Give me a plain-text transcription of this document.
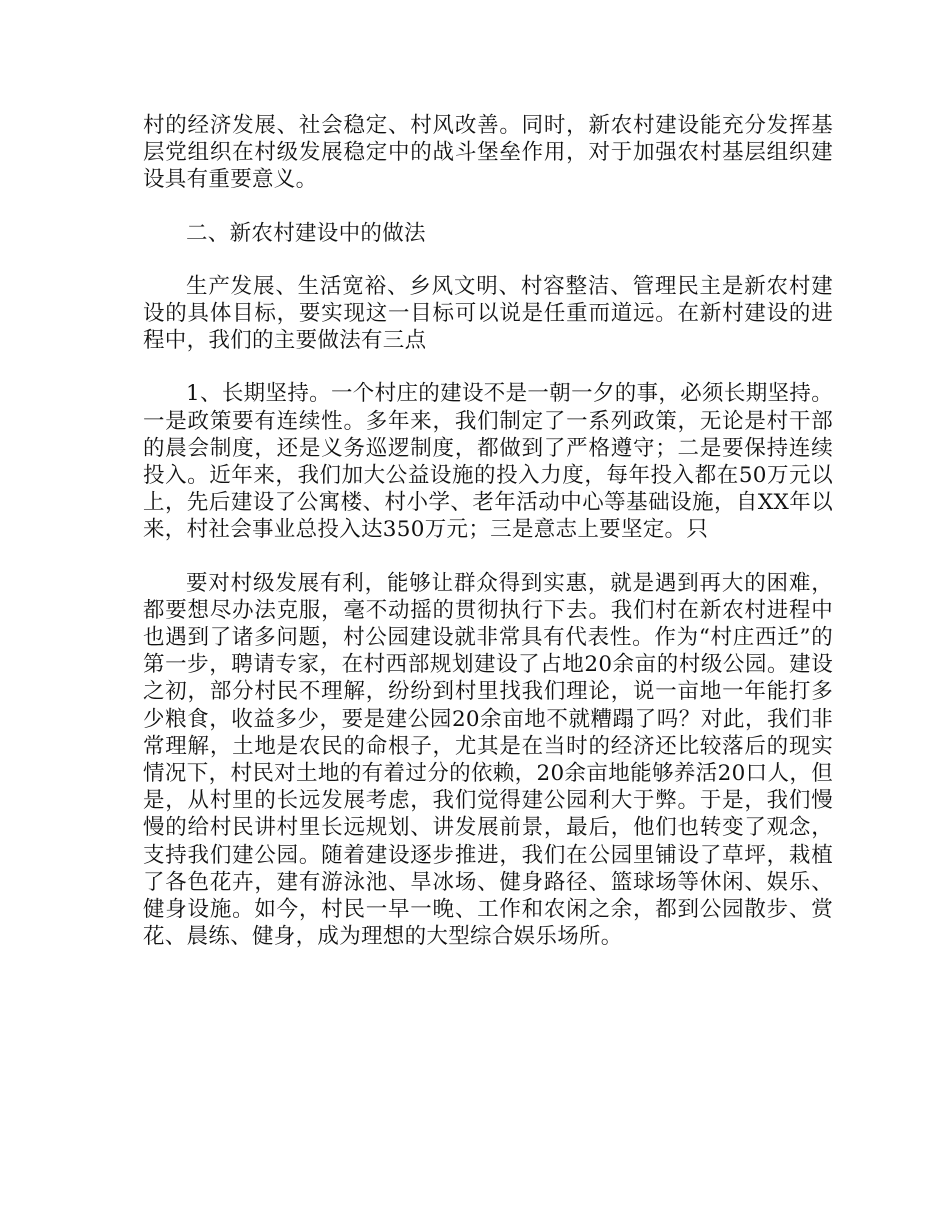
村的经济发展、社会稳定、村风改善。同时，新农村建设能充分发挥基层党组织在村级发展稳定中的战斗堡垒作用，对于加强农村基层组织建设具有重要意义。

二、新农村建设中的做法

生产发展、生活宽裕、乡风文明、村容整洁、管理民主是新农村建设的具体目标，要实现这一目标可以说是任重而道远。在新村建设的进程中，我们的主要做法有三点

1、长期坚持。一个村庄的建设不是一朝一夕的事，必须长期坚持。一是政策要有连续性。多年来，我们制定了一系列政策，无论是村干部的晨会制度，还是义务巡逻制度，都做到了严格遵守；二是要保持连续投入。近年来，我们加大公益设施的投入力度，每年投入都在50万元以上，先后建设了公寓楼、村小学、老年活动中心等基础设施，自XX年以来，村社会事业总投入达350万元；三是意志上要坚定。只

要对村级发展有利，能够让群众得到实惠，就是遇到再大的困难，都要想尽办法克服，毫不动摇的贯彻执行下去。我们村在新农村进程中也遇到了诸多问题，村公园建设就非常具有代表性。作为“村庄西迁”的第一步，聘请专家，在村西部规划建设了占地20余亩的村级公园。建设之初，部分村民不理解，纷纷到村里找我们理论，说一亩地一年能打多少粮食，收益多少，要是建公园20余亩地不就糟蹋了吗？对此，我们非常理解，土地是农民的命根子，尤其是在当时的经济还比较落后的现实情况下，村民对土地的有着过分的依赖，20余亩地能够养活20口人，但是，从村里的长远发展考虑，我们觉得建公园利大于弊。于是，我们慢慢的给村民讲村里长远规划、讲发展前景，最后，他们也转变了观念，支持我们建公园。随着建设逐步推进，我们在公园里铺设了草坪，栽植了各色花卉，建有游泳池、旱冰场、健身路径、篮球场等休闲、娱乐、健身设施。如今，村民一早一晚、工作和农闲之余，都到公园散步、赏花、晨练、健身，成为理想的大型综合娱乐场所。
